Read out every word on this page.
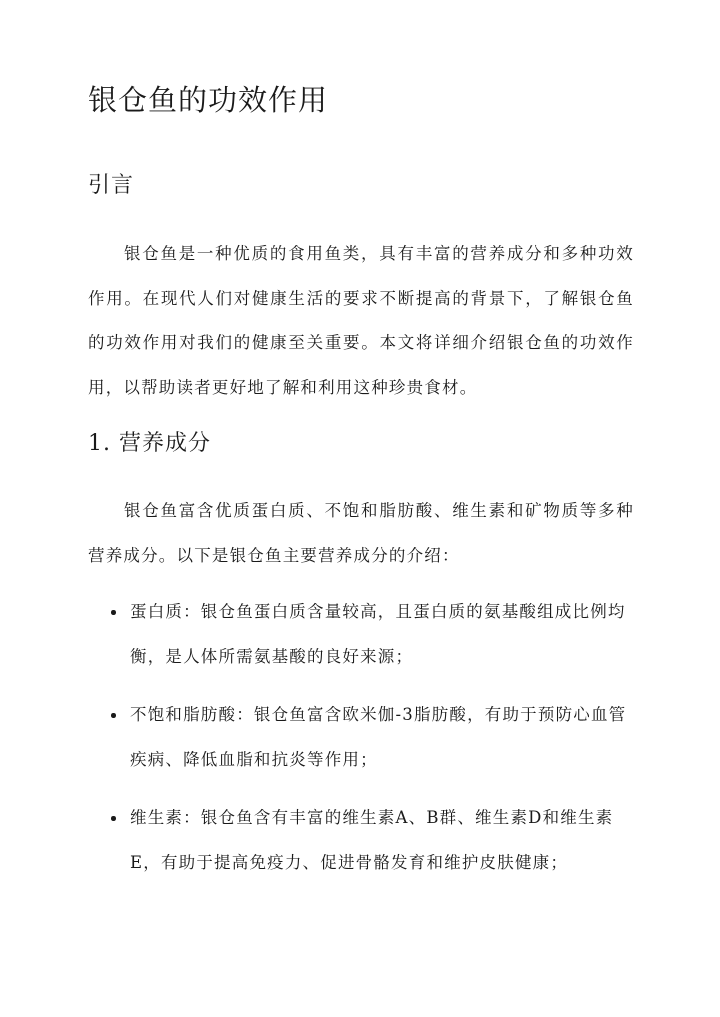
银仓鱼的功效作用
引言

银仓鱼是一种优质的食用鱼类，具有丰富的营养成分和多种功效作用。在现代人们对健康生活的要求不断提高的背景下，了解银仓鱼的功效作用对我们的健康至关重要。本文将详细介绍银仓鱼的功效作用，以帮助读者更好地了解和利用这种珍贵食材。

1. 营养成分

银仓鱼富含优质蛋白质、不饱和脂肪酸、维生素和矿物质等多种营养成分。以下是银仓鱼主要营养成分的介绍：

蛋白质：银仓鱼蛋白质含量较高，且蛋白质的氨基酸组成比例均衡，是人体所需氨基酸的良好来源；
不饱和脂肪酸：银仓鱼富含欧米伽-3脂肪酸，有助于预防心血管疾病、降低血脂和抗炎等作用；
维生素：银仓鱼含有丰富的维生素A、B群、维生素D和维生素E，有助于提高免疫力、促进骨骼发育和维护皮肤健康；
